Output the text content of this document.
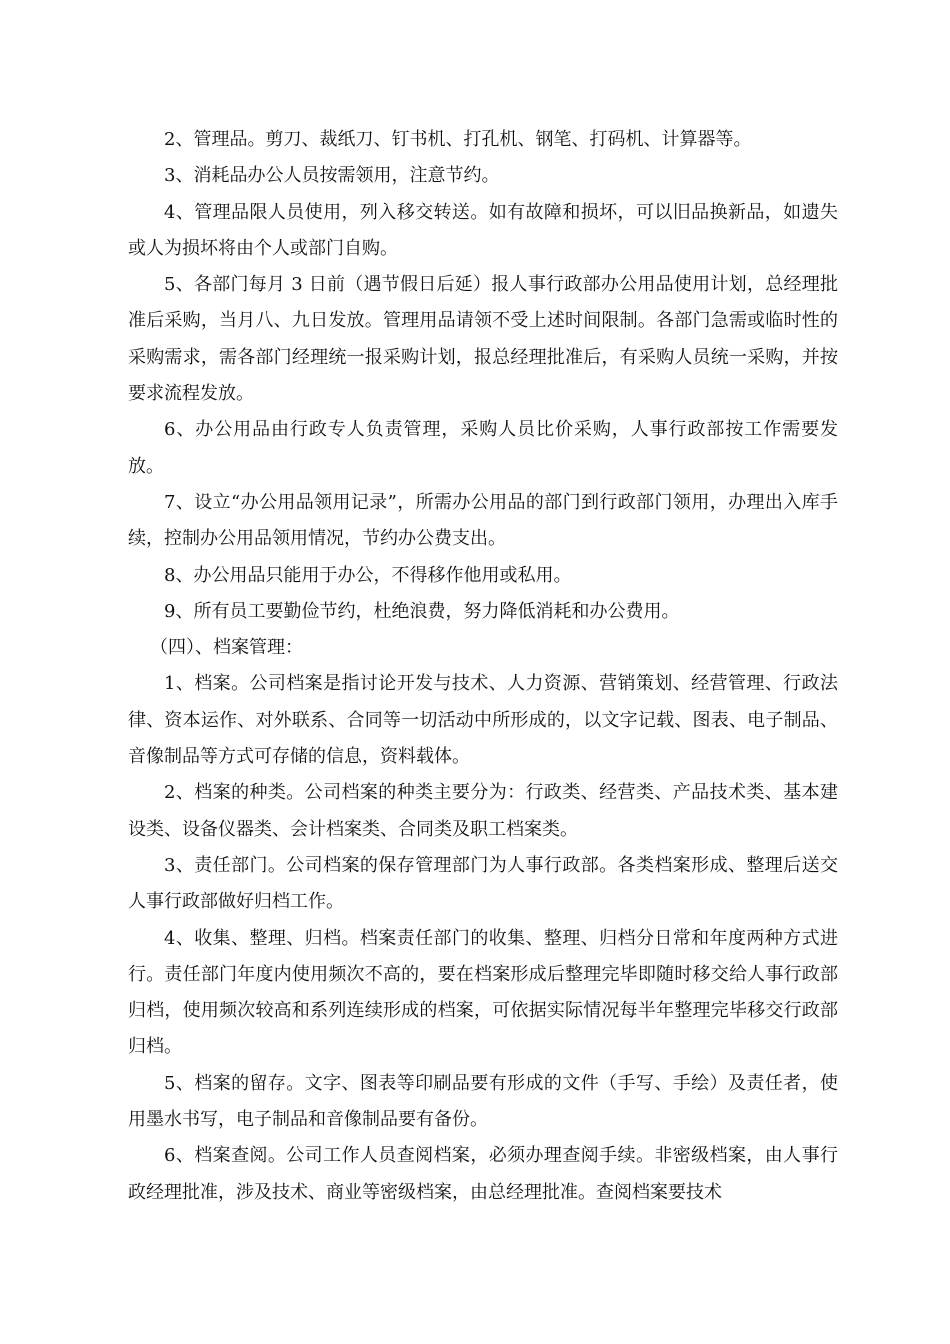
2、管理品。剪刀、裁纸刀、钉书机、打孔机、钢笔、打码机、计算器等。

3、消耗品办公人员按需领用，注意节约。

4、管理品限人员使用，列入移交转送。如有故障和损坏，可以旧品换新品，如遗失或人为损坏将由个人或部门自购。

5、各部门每月 3 日前（遇节假日后延）报人事行政部办公用品使用计划，总经理批准后采购，当月八、九日发放。管理用品请领不受上述时间限制。各部门急需或临时性的采购需求，需各部门经理统一报采购计划，报总经理批准后，有采购人员统一采购，并按要求流程发放。

6、办公用品由行政专人负责管理，采购人员比价采购，人事行政部按工作需要发放。

7、设立“办公用品领用记录”，所需办公用品的部门到行政部门领用，办理出入库手续，控制办公用品领用情况，节约办公费支出。

8、办公用品只能用于办公，不得移作他用或私用。

9、所有员工要勤俭节约，杜绝浪费，努力降低消耗和办公费用。

（四）、档案管理：

1、档案。公司档案是指讨论开发与技术、人力资源、营销策划、经营管理、行政法律、资本运作、对外联系、合同等一切活动中所形成的，以文字记载、图表、电子制品、音像制品等方式可存储的信息，资料载体。

2、档案的种类。公司档案的种类主要分为：行政类、经营类、产品技术类、基本建设类、设备仪器类、会计档案类、合同类及职工档案类。

3、责任部门。公司档案的保存管理部门为人事行政部。各类档案形成、整理后送交人事行政部做好归档工作。

4、收集、整理、归档。档案责任部门的收集、整理、归档分日常和年度两种方式进行。责任部门年度内使用频次不高的，要在档案形成后整理完毕即随时移交给人事行政部归档，使用频次较高和系列连续形成的档案，可依据实际情况每半年整理完毕移交行政部归档。

5、档案的留存。文字、图表等印刷品要有形成的文件（手写、手绘）及责任者，使用墨水书写，电子制品和音像制品要有备份。

6、档案查阅。公司工作人员查阅档案，必须办理查阅手续。非密级档案，由人事行政经理批准，涉及技术、商业等密级档案，由总经理批准。查阅档案要技术
